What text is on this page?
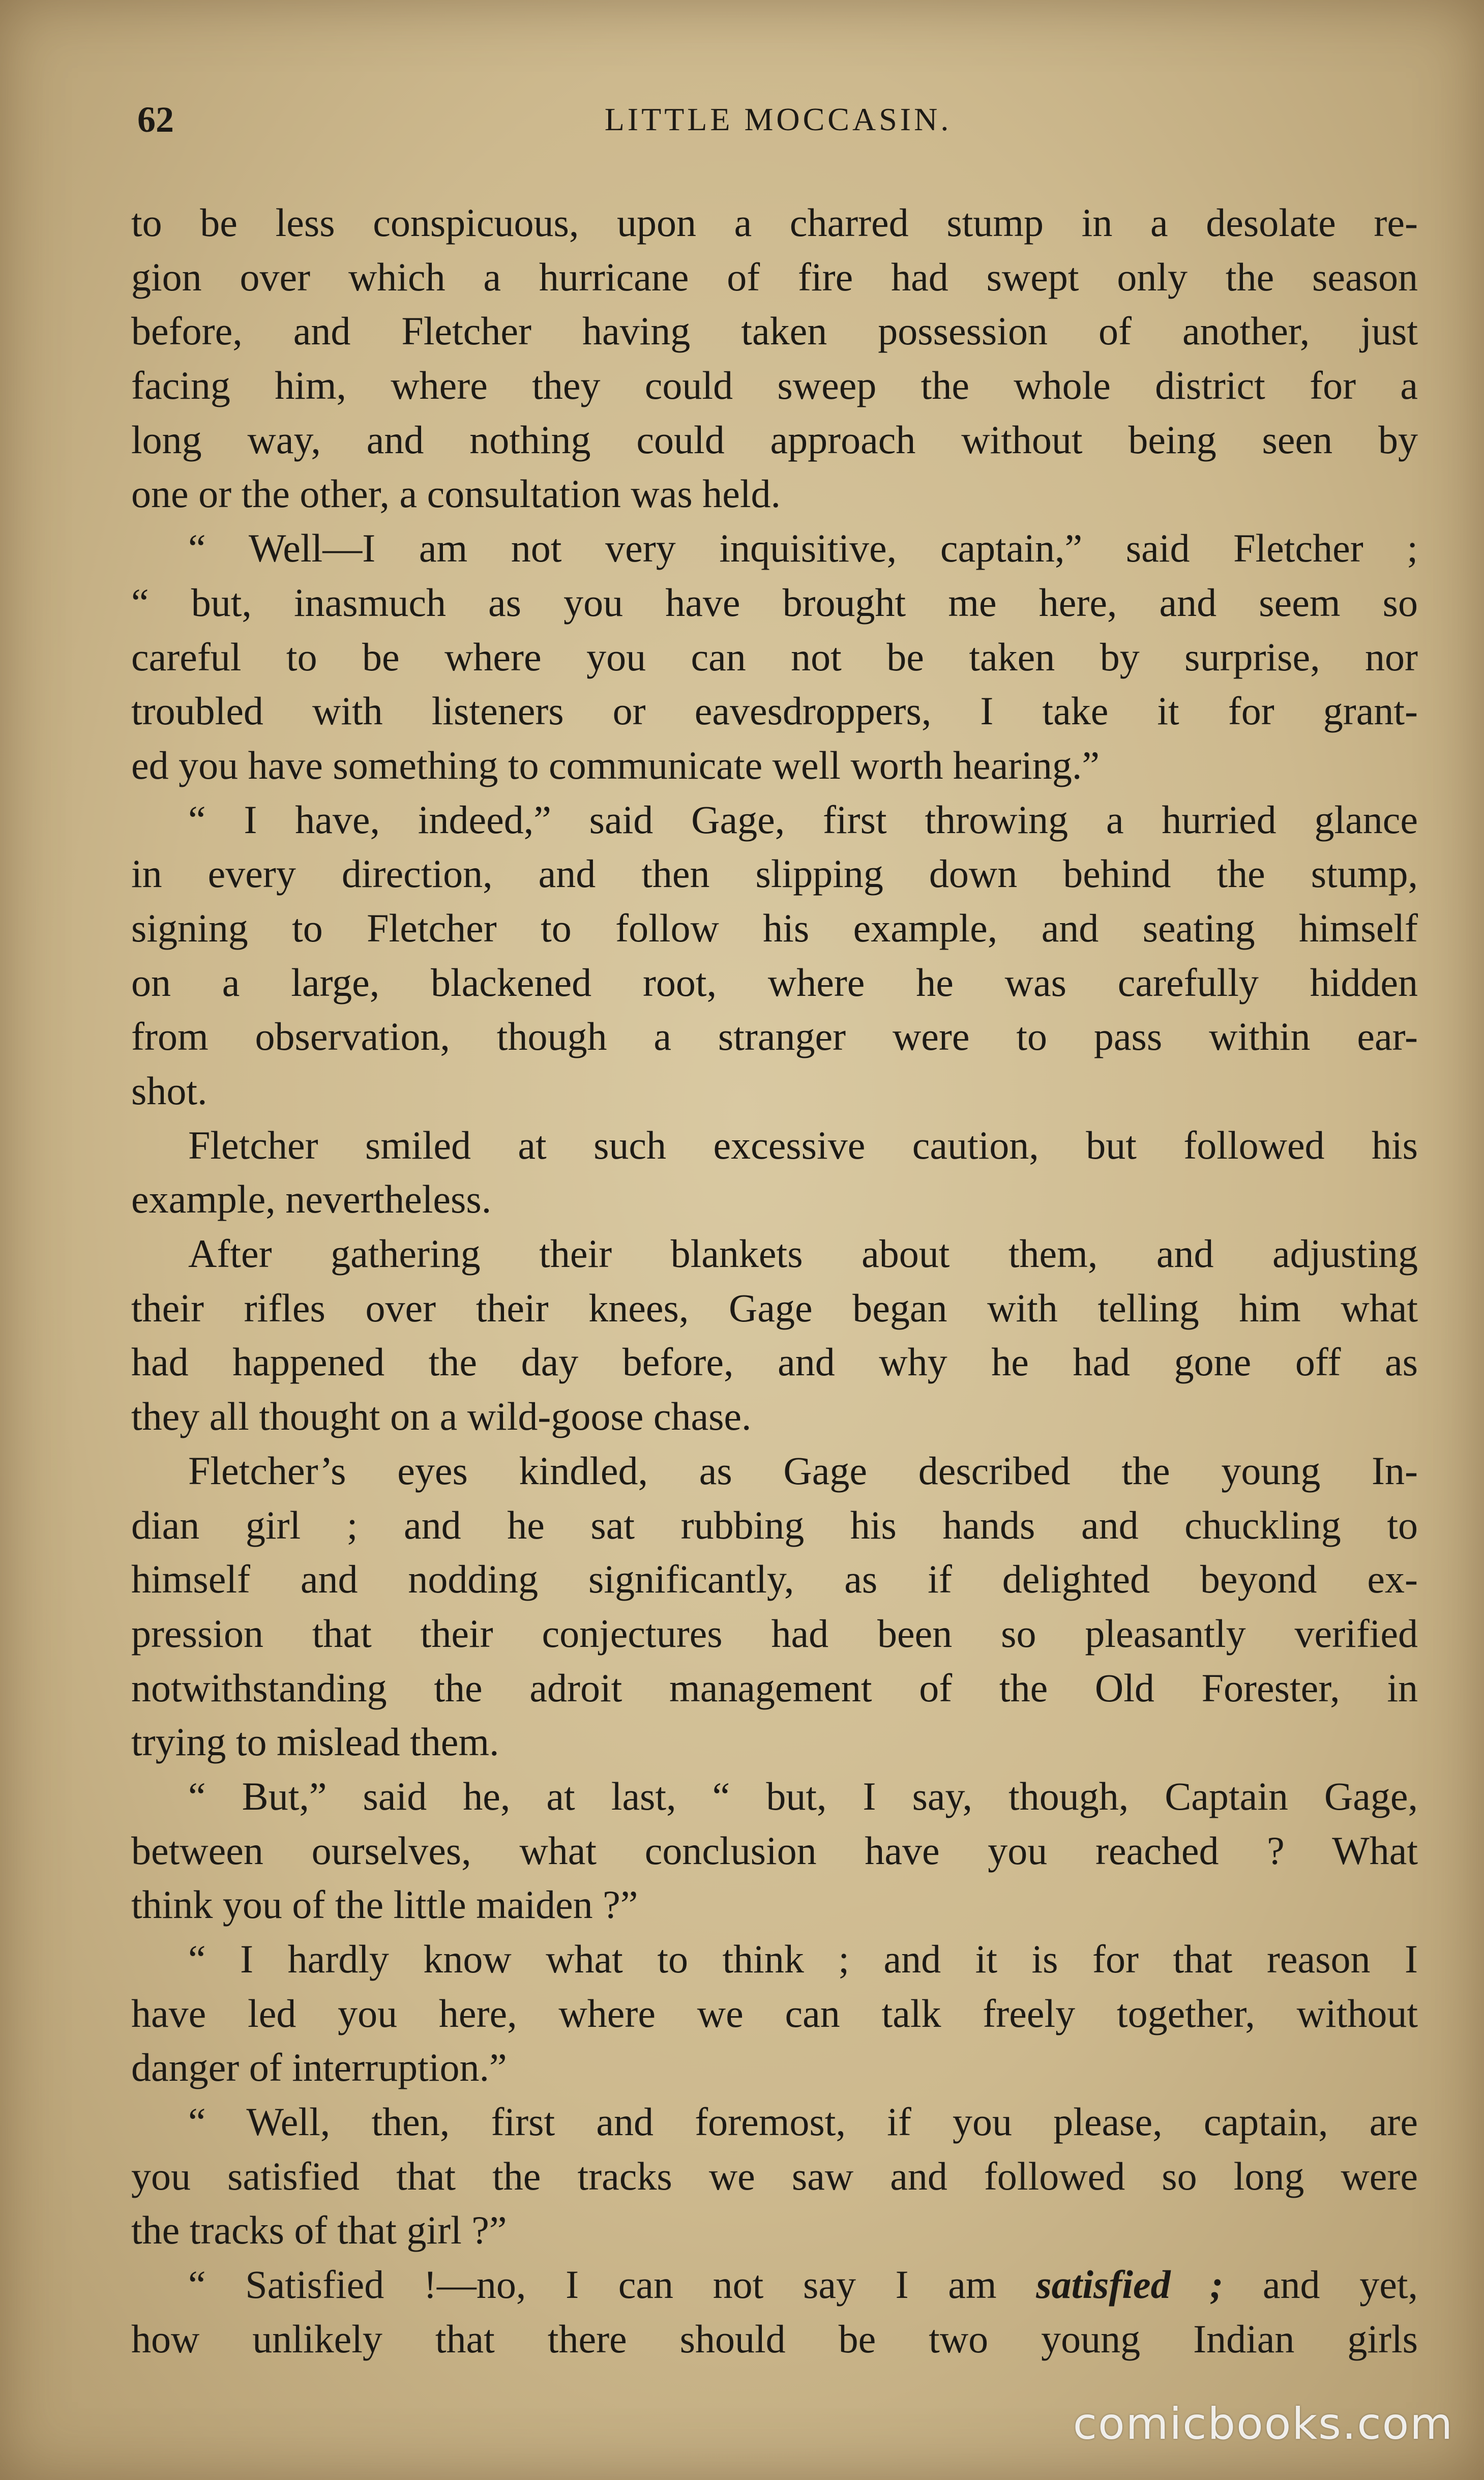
62	LITTLE MOCCASIN.
to be less conspicuous, upon a charred stump in a desolate re-
gion over which a hurricane of fire had swept only the season
before, and Fletcher having taken possession of another, just
facing him, where they could sweep the whole district for a
long way, and nothing could approach without being seen by
one or the other, a consultation was held.
“ Well—I am not very inquisitive, captain,” said Fletcher ;
“ but, inasmuch as you have brought me here, and seem so
careful to be where you can not be taken by surprise, nor
troubled with listeners or eavesdroppers, I take it for grant-
ed you have something to communicate well worth hearing.”
“ I have, indeed,” said Gage, first throwing a hurried glance
in every direction, and then slipping down behind the stump,
signing to Fletcher to follow his example, and seating himself
on a large, blackened root, where he was carefully hidden
from observation, though a stranger were to pass within ear-
shot.
Fletcher smiled at such excessive caution, but followed his
example, nevertheless.
After gathering their blankets about them, and adjusting
their rifles over their knees, Gage began with telling him what
had happened the day before, and why he had gone off as
they all thought on a wild-goose chase.
Fletcher’s eyes kindled, as Gage described the young In-
dian girl ; and he sat rubbing his hands and chuckling to
himself and nodding significantly, as if delighted beyond ex-
pression that their conjectures had been so pleasantly verified
notwithstanding the adroit management of the Old Forester, in
trying to mislead them.
“ But,” said he, at last, “ but, I say, though, Captain Gage,
between ourselves, what conclusion have you reached ? What
think you of the little maiden ?”
“ I hardly know what to think ; and it is for that reason I
have led you here, where we can talk freely together, without
danger of interruption.”
“ Well, then, first and foremost, if you please, captain, are
you satisfied that the tracks we saw and followed so long were
the tracks of that girl ?”
“ Satisfied !—no, I can not say I am satisfied ; and yet,
how unlikely that there should be two young Indian girls
comicbooks.com
